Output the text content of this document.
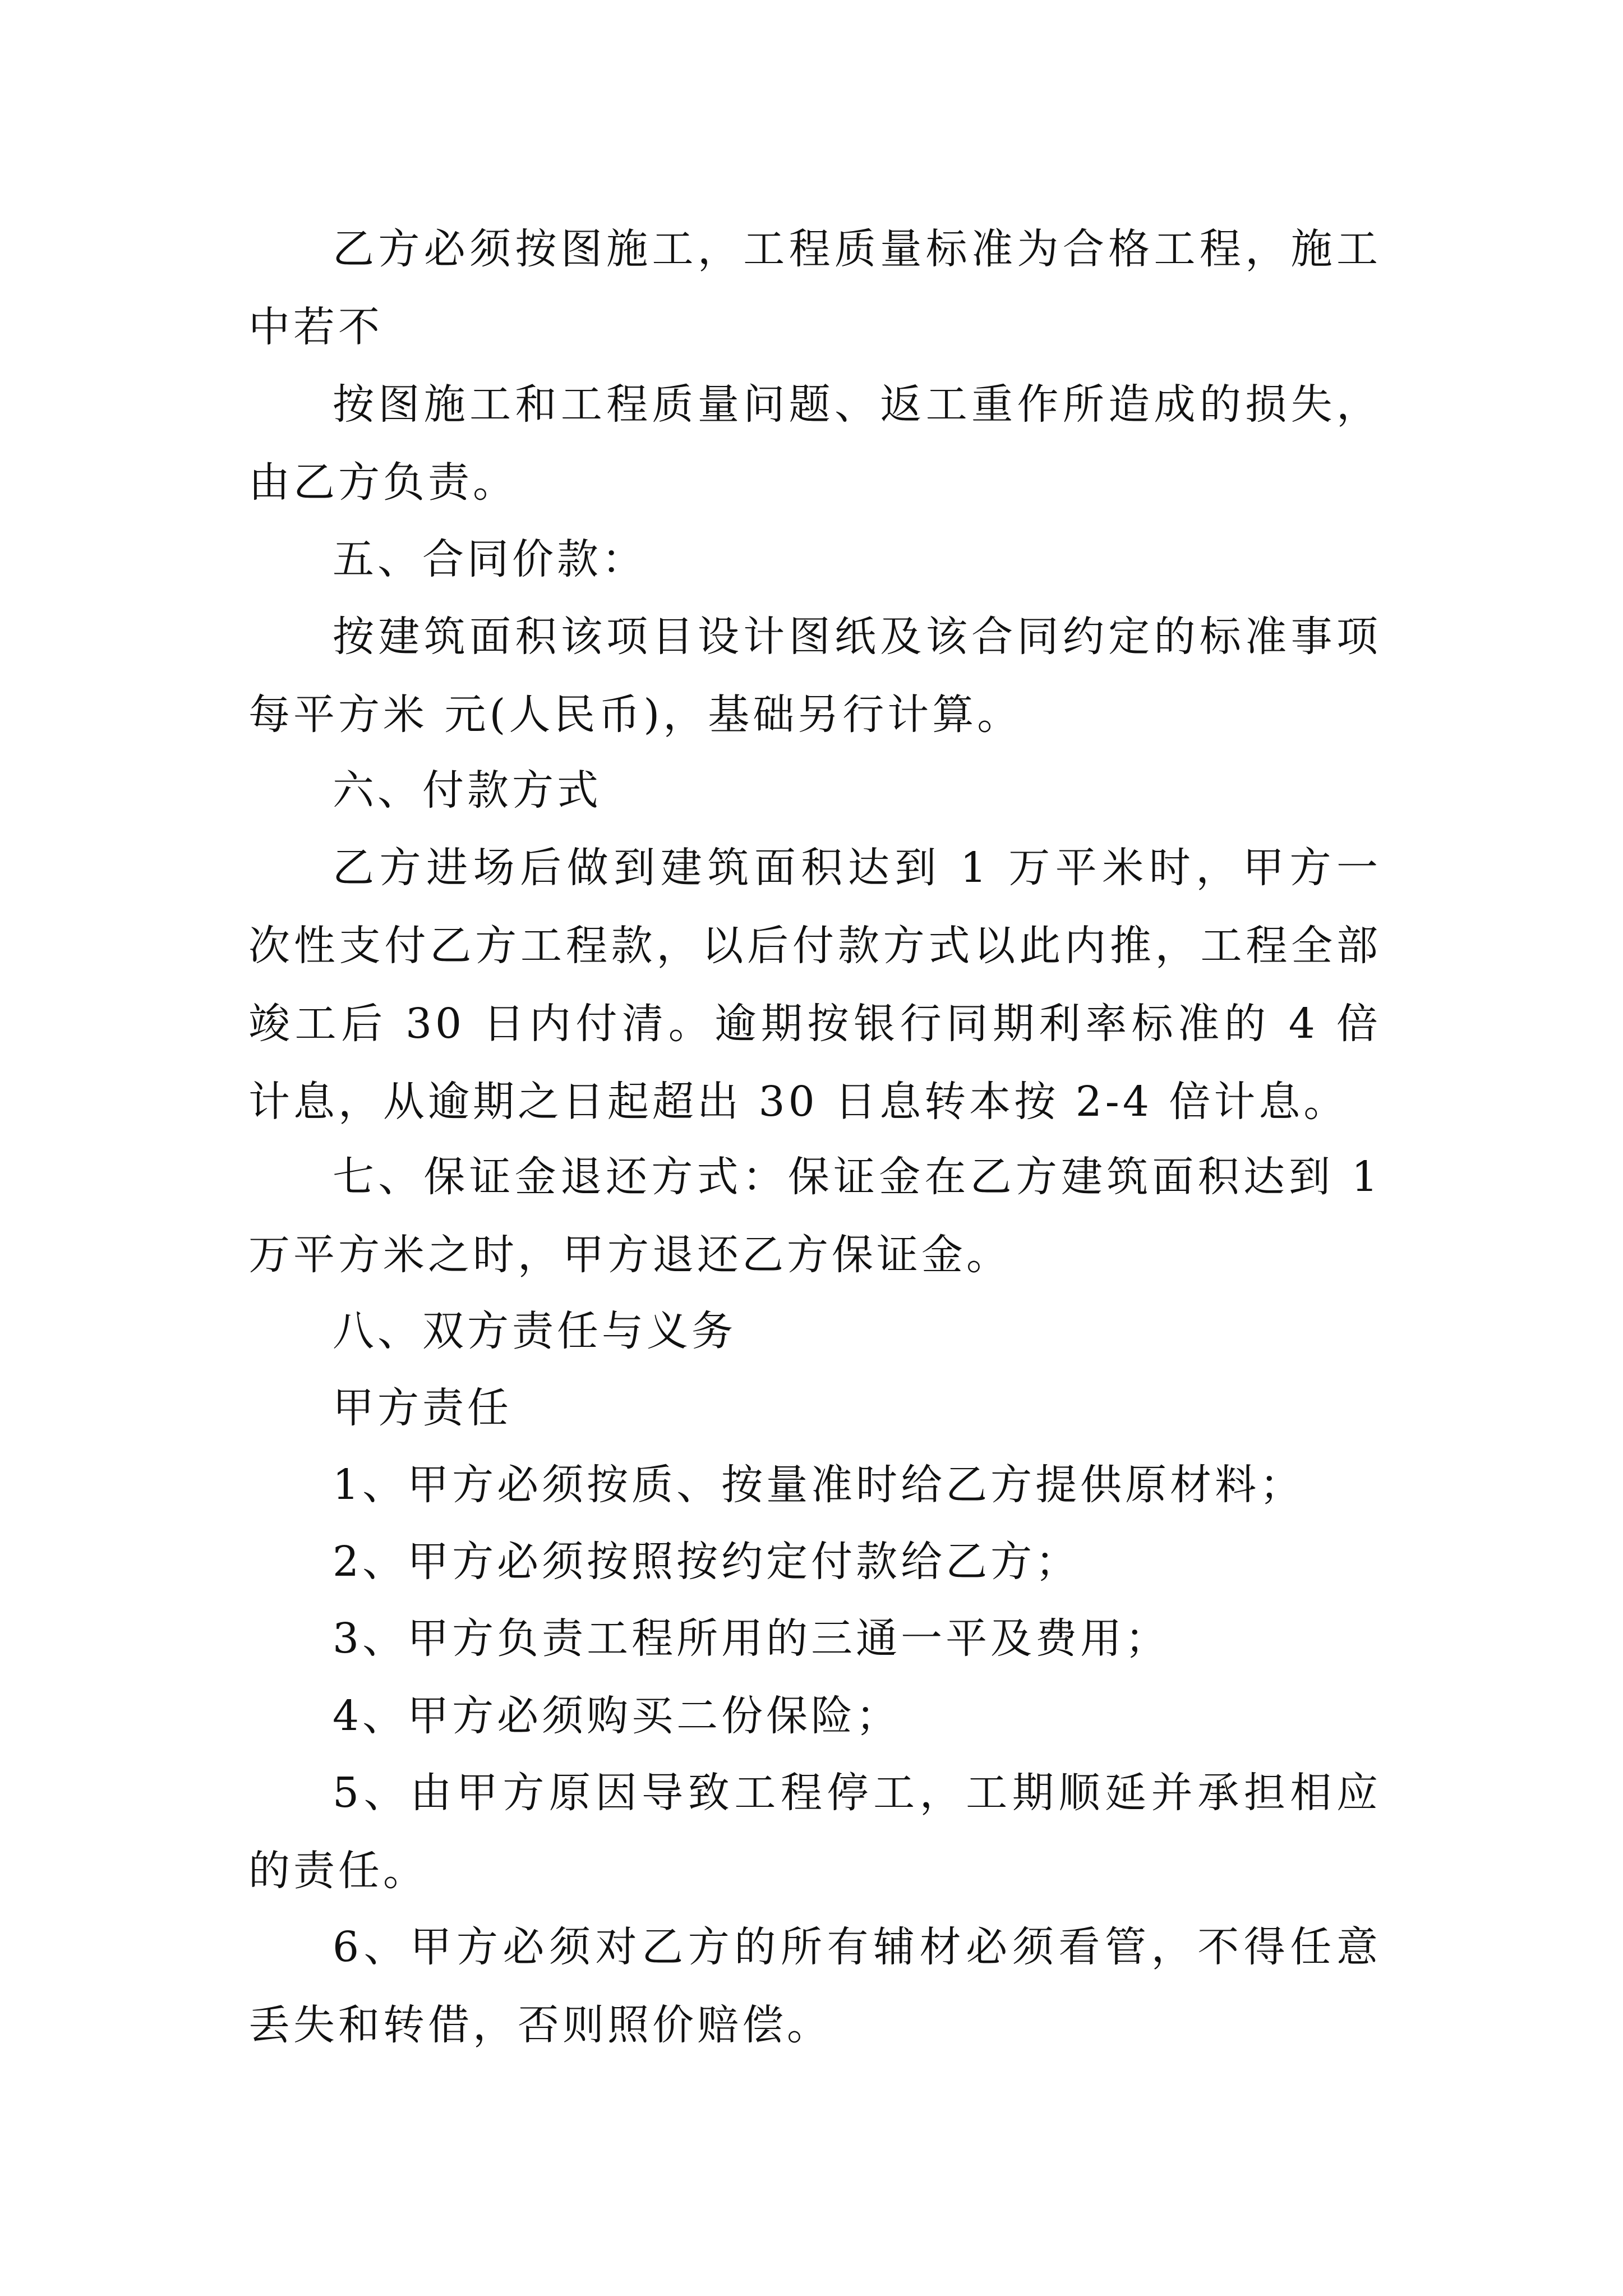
乙方必须按图施工，工程质量标准为合格工程，施工中若不

按图施工和工程质量问题、返工重作所造成的损失，由乙方负责。

五、合同价款：

按建筑面积该项目设计图纸及该合同约定的标准事项每平方米 元(人民币)，基础另行计算。

六、付款方式

乙方进场后做到建筑面积达到 1 万平米时，甲方一次性支付乙方工程款，以后付款方式以此内推，工程全部竣工后 30 日内付清。逾期按银行同期利率标准的 4 倍计息，从逾期之日起超出 30 日息转本按 2-4 倍计息。

七、保证金退还方式：保证金在乙方建筑面积达到 1 万平方米之时，甲方退还乙方保证金。

八、双方责任与义务

甲方责任

1、甲方必须按质、按量准时给乙方提供原材料；

2、甲方必须按照按约定付款给乙方；

3、甲方负责工程所用的三通一平及费用；

4、甲方必须购买二份保险；

5、由甲方原因导致工程停工，工期顺延并承担相应的责任。

6、甲方必须对乙方的所有辅材必须看管，不得任意丢失和转借，否则照价赔偿。
